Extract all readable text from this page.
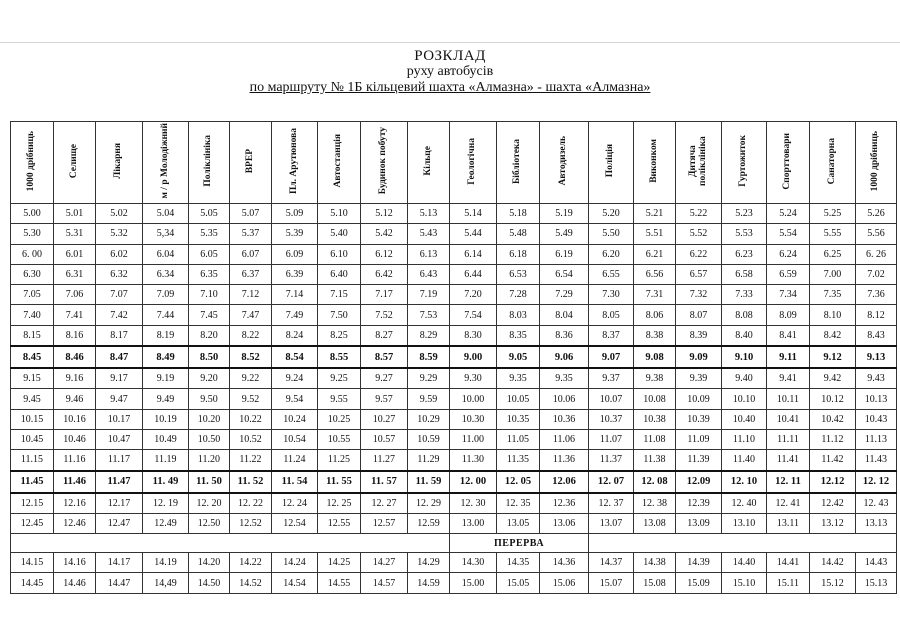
РОЗКЛАД
руху автобусів
по маршруту № 1Б кільцевий шахта «Алмазна» - шахта «Алмазна»
1000 дрібниць	Селище	Лікарня	м / р Молодіжний	Поліклініка	ВРЕР	Пл. Арутюнова	Автостанція	Будинок побуту	Кільце	Геологічна	Бібліотека	Автодизель	Поліція	Виконком	Дитяча поліклініка	Гуртожиток	Спорттовари	Санаторна	1000 дрібниць
5.00	5.01	5.02	5.04	5.05	5.07	5.09	5.10	5.12	5.13	5.14	5.18	5.19	5.20	5.21	5.22	5.23	5.24	5.25	5.26
5.30	5.31	5.32	5,34	5.35	5.37	5.39	5.40	5.42	5.43	5.44	5.48	5.49	5.50	5.51	5.52	5.53	5.54	5.55	5.56
6. 00	6.01	6.02	6.04	6.05	6.07	6.09	6.10	6.12	6.13	6.14	6.18	6.19	6.20	6.21	6.22	6.23	6.24	6.25	6. 26
6.30	6.31	6.32	6.34	6.35	6.37	6.39	6.40	6.42	6.43	6.44	6.53	6.54	6.55	6.56	6.57	6.58	6.59	7.00	7.02
7.05	7.06	7.07	7.09	7.10	7.12	7.14	7.15	7.17	7.19	7.20	7.28	7.29	7.30	7.31	7.32	7.33	7.34	7.35	7.36
7.40	7.41	7.42	7.44	7.45	7.47	7.49	7.50	7.52	7.53	7.54	8.03	8.04	8.05	8.06	8.07	8.08	8.09	8.10	8.12
8.15	8.16	8.17	8.19	8.20	8.22	8.24	8.25	8.27	8.29	8.30	8.35	8.36	8.37	8.38	8.39	8.40	8.41	8.42	8.43
8.45	8.46	8.47	8.49	8.50	8.52	8.54	8.55	8.57	8.59	9.00	9.05	9.06	9.07	9.08	9.09	9.10	9.11	9.12	9.13
9.15	9.16	9.17	9.19	9.20	9.22	9.24	9.25	9.27	9.29	9.30	9.35	9.35	9.37	9.38	9.39	9.40	9.41	9.42	9.43
9.45	9.46	9.47	9.49	9.50	9.52	9.54	9.55	9.57	9.59	10.00	10.05	10.06	10.07	10.08	10.09	10.10	10.11	10.12	10.13
10.15	10.16	10.17	10.19	10.20	10.22	10.24	10.25	10.27	10.29	10.30	10.35	10.36	10.37	10.38	10.39	10.40	10.41	10.42	10.43
10.45	10.46	10.47	10.49	10.50	10.52	10.54	10.55	10.57	10.59	11.00	11.05	11.06	11.07	11.08	11.09	11.10	11.11	11.12	11.13
11.15	11.16	11.17	11.19	11.20	11.22	11.24	11.25	11.27	11.29	11.30	11.35	11.36	11.37	11.38	11.39	11.40	11.41	11.42	11.43
11.45	11.46	11.47	11. 49	11. 50	11. 52	11. 54	11. 55	11. 57	11. 59	12. 00	12. 05	12.06	12. 07	12. 08	12.09	12. 10	12. 11	12.12	12. 12
12.15	12.16	12.17	12. 19	12. 20	12. 22	12. 24	12. 25	12. 27	12. 29	12. 30	12. 35	12.36	12. 37	12. 38	12.39	12. 40	12. 41	12.42	12. 43
12.45	12.46	12.47	12.49	12.50	12.52	12.54	12.55	12.57	12.59	13.00	13.05	13.06	13.07	13.08	13.09	13.10	13.11	13.12	13.13
										ПЕРЕРВА									
14.15	14.16	14.17	14.19	14.20	14.22	14.24	14.25	14.27	14.29	14.30	14.35	14.36	14.37	14.38	14.39	14.40	14.41	14.42	14.43
14.45	14.46	14.47	14,49	14.50	14.52	14.54	14.55	14.57	14.59	15.00	15.05	15.06	15.07	15.08	15.09	15.10	15.11	15.12	15.13
